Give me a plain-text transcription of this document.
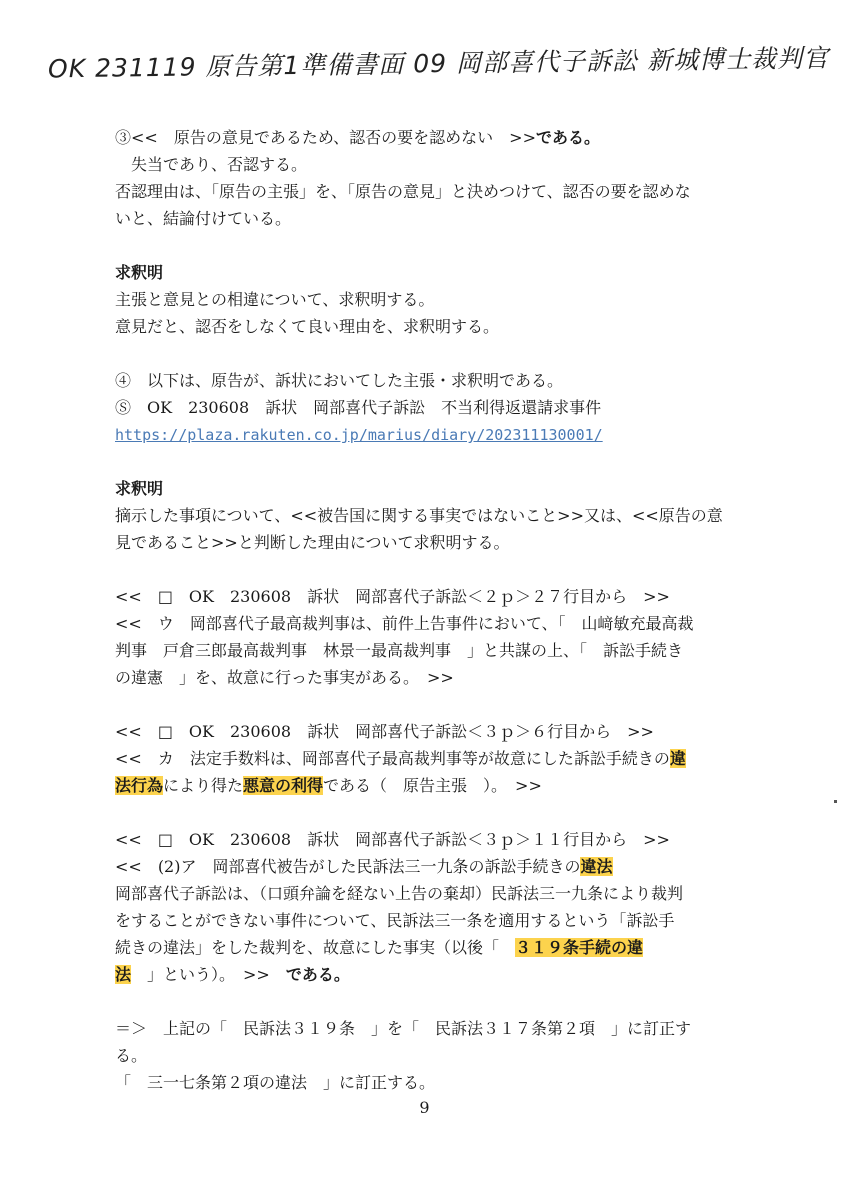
OK 231119 原告第1準備書面 09 岡部喜代子訴訟 新城博士裁判官
③<<　原告の意見であるため、認否の要を認めない　>>である。
失当であり、否認する。
否認理由は、「原告の主張」を、「原告の意見」と決めつけて、認否の要を認めな
いと、結論付けている。
求釈明
主張と意見との相違について、求釈明する。
意見だと、認否をしなくて良い理由を、求釈明する。
④　以下は、原告が、訴状においてした主張・求釈明である。
Ⓢ　OK　230608　訴状　岡部喜代子訴訟　不当利得返還請求事件
https://plaza.rakuten.co.jp/marius/diary/202311130001/
求釈明
摘示した事項について、<<被告国に関する事実ではないこと>>又は、<<原告の意
見であること>>と判断した理由について求釈明する。
<<　□　OK　230608　訴状　岡部喜代子訴訟＜２ｐ＞２７行目から　>>
<<　ウ　岡部喜代子最高裁判事は、前件上告事件において、「　山﨑敏充最高裁
判事　戸倉三郎最高裁判事　林景一最高裁判事　」と共謀の上、「　訴訟手続き
の違憲　」を、故意に行った事実がある。　>>
<<　□　OK　230608　訴状　岡部喜代子訴訟＜３ｐ＞６行目から　>>
<<　カ　法定手数料は、岡部喜代子最高裁判事等が故意にした訴訟手続きの違
法行為により得た悪意の利得である（　原告主張　）。　>>
<<　□　OK　230608　訴状　岡部喜代子訴訟＜３ｐ＞１１行目から　>>
<<　(2)ア　岡部喜代被告がした民訴法三一九条の訴訟手続きの違法
岡部喜代子訴訟は、（口頭弁論を経ない上告の棄却）民訴法三一九条により裁判
をすることができない事件について、民訴法三一条を適用するという「訴訟手
続きの違法」をした裁判を、故意にした事実（以後「　３１９条手続の違
法　」という）。　>>　である。
＝＞　上記の「　民訴法３１９条　」を「　民訴法３１７条第２項　」に訂正す
る。
「　三一七条第２項の違法　」に訂正する。
9
